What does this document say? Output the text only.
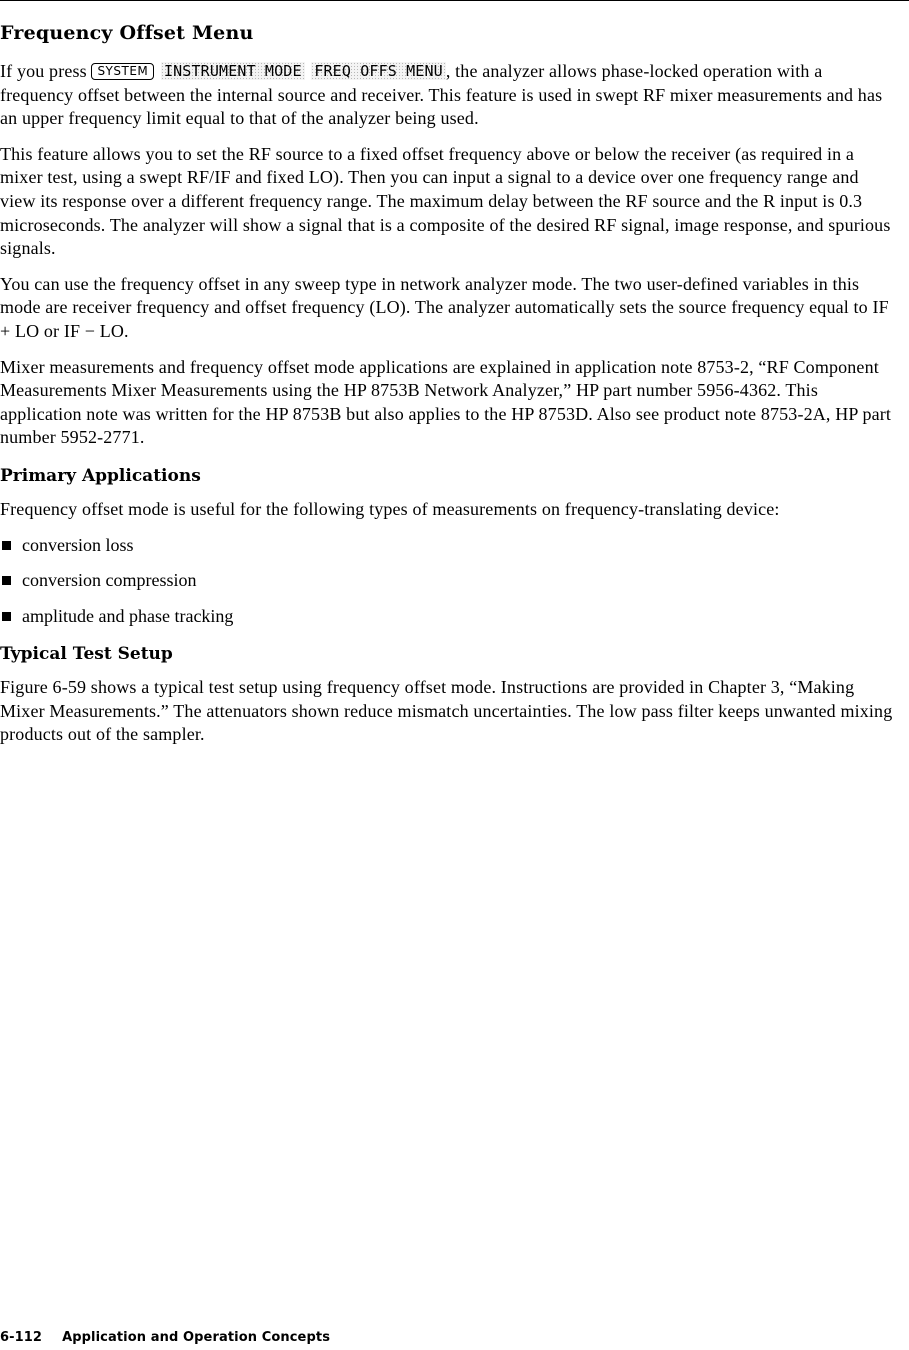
Frequency Offset Menu

If you press SYSTEM INSTRUMENT MODE FREQ OFFS MENU , the analyzer allows phase-locked operation with a frequency offset between the internal source and receiver. This feature is used in swept RF mixer measurements and has an upper frequency limit equal to that of the analyzer being used.

This feature allows you to set the RF source to a fixed offset frequency above or below the receiver (as required in a mixer test, using a swept RF/IF and fixed LO). Then you can input a signal to a device over one frequency range and view its response over a different frequency range. The maximum delay between the RF source and the R input is 0.3 microseconds. The analyzer will show a signal that is a composite of the desired RF signal, image response, and spurious signals.

You can use the frequency offset in any sweep type in network analyzer mode. The two user-defined variables in this mode are receiver frequency and offset frequency (LO). The analyzer automatically sets the source frequency equal to IF + LO or IF − LO.

Mixer measurements and frequency offset mode applications are explained in application note 8753-2, “RF Component Measurements Mixer Measurements using the HP 8753B Network Analyzer,” HP part number 5956-4362. This application note was written for the HP 8753B but also applies to the HP 8753D. Also see product note 8753-2A, HP part number 5952-2771.

Primary Applications

Frequency offset mode is useful for the following types of measurements on frequency-translating device:

conversion loss
conversion compression
amplitude and phase tracking
Typical Test Setup

Figure 6-59 shows a typical test setup using frequency offset mode. Instructions are provided in Chapter 3, “Making Mixer Measurements.” The attenuators shown reduce mismatch uncertainties. The low pass filter keeps unwanted mixing products out of the sampler.

6-112 Application and Operation Concepts
